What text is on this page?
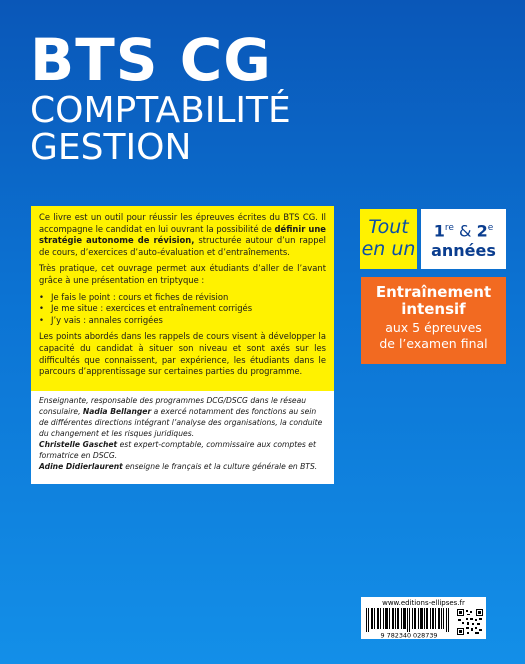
BTS CG
COMPTABILITÉ
GESTION

Ce livre est un outil pour réussir les épreuves écrites du BTS CG. Il accompagne le candidat en lui ouvrant la possibilité de définir une stratégie autonome de révision, structurée autour d’un rappel de cours, d’exercices d’auto-évaluation et d’entraînements.

Très pratique, cet ouvrage permet aux étudiants d’aller de l’avant grâce à une présentation en triptyque :

• Je fais le point : cours et fiches de révision
• Je me situe : exercices et entraînement corrigés
• J’y vais : annales corrigées

Les points abordés dans les rappels de cours visent à développer la capacité du candidat à situer son niveau et sont axés sur les difficultés que connaissent, par expérience, les étudiants dans le parcours d’apprentissage sur certaines parties du programme.

Enseignante, responsable des programmes DCG/DSCG dans le réseau consulaire, Nadia Bellanger a exercé notamment des fonctions au sein de différentes directions intégrant l’analyse des organisations, la conduite du changement et les risques juridiques.
Christelle Gaschet est expert-comptable, commissaire aux comptes et formatrice en DSCG.
Adine Didierlaurent enseigne le français et la culture générale en BTS.
Tout
en un
1re & 2e
années
Entraînement
intensif
aux 5 épreuves
de l’examen final
www.editions-ellipses.fr
9 782340 028739
